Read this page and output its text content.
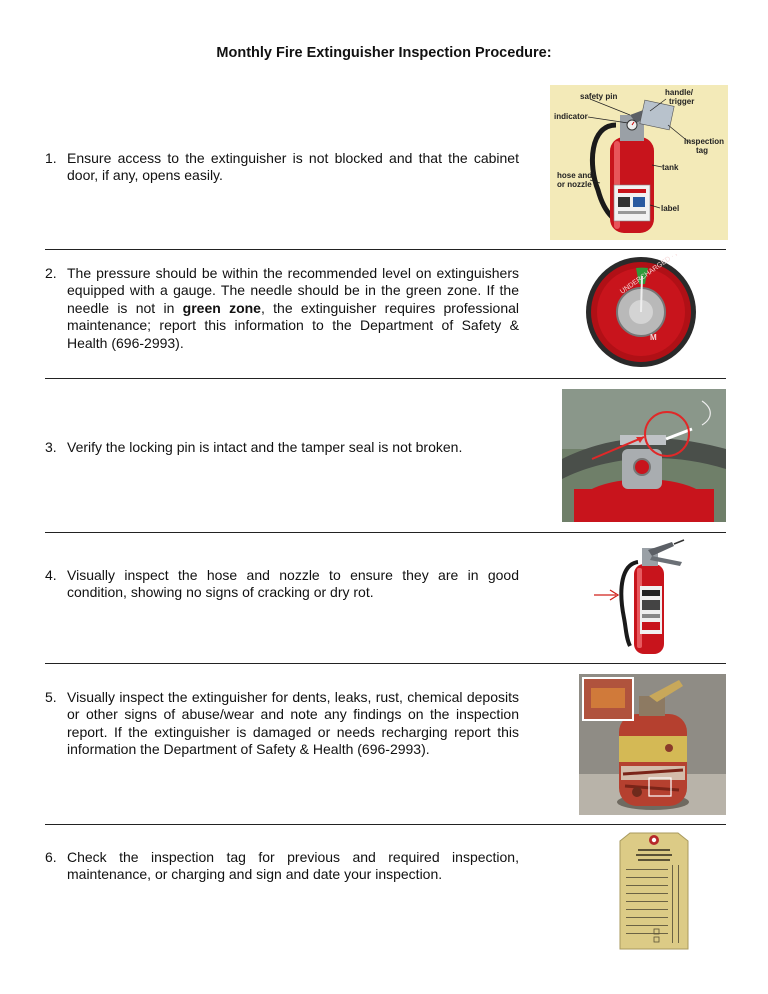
Monthly Fire Extinguisher Inspection Procedure:
1. Ensure access to the extinguisher is not blocked and that the cabinet door, if any, opens easily.
safety pin	handle/
trigger
indicator
inspection
tag
tank
hose and/
or nozzle
label
2. The pressure should be within the recommended level on extinguishers equipped with a gauge. The needle should be in the green zone. If the needle is not in green zone, the extinguisher requires professional maintenance; report this information to the Department of Safety & Health (696-2993).
UNDERCHARGED ·
M
3. Verify the locking pin is intact and the tamper seal is not broken.
4. Visually inspect the hose and nozzle to ensure they are in good condition, showing no signs of cracking or dry rot.
5. Visually inspect the extinguisher for dents, leaks, rust, chemical deposits or other signs of abuse/wear and note any findings on the inspection report. If the extinguisher is damaged or needs recharging report this information the Department of Safety & Health (696-2993).
6. Check the inspection tag for previous and required inspection, maintenance, or charging and sign and date your inspection.
